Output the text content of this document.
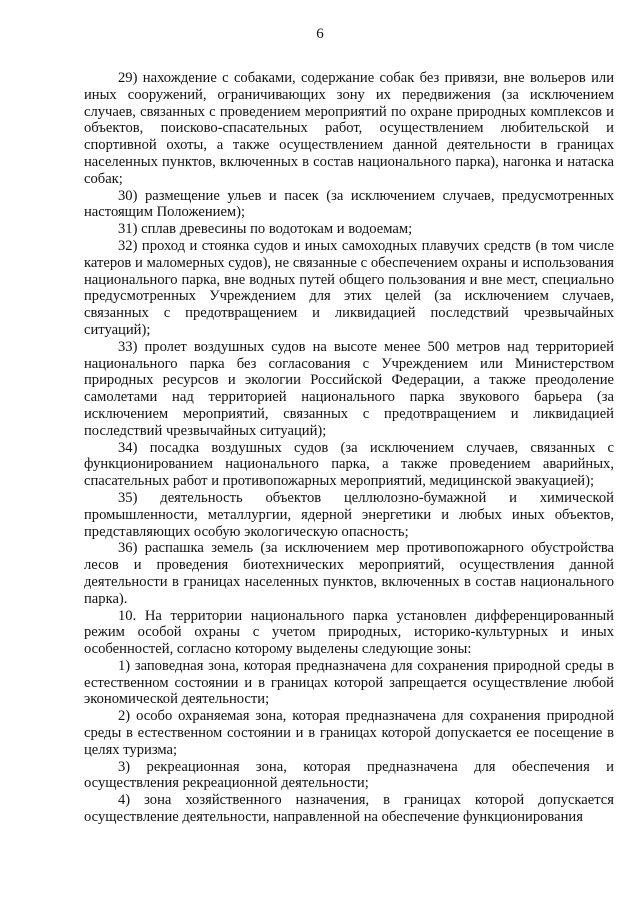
6

29) нахождение с собаками, содержание собак без привязи, вне вольеров или иных сооружений, ограничивающих зону их передвижения (за исключением случаев, связанных с проведением мероприятий по охране природных комплексов и объектов, поисково-спасательных работ, осуществлением любительской и спортивной охоты, а также осуществлением данной деятельности в границах населенных пунктов, включенных в состав национального парка), нагонка и натаска собак;

30) размещение ульев и пасек (за исключением случаев, предусмотренных настоящим Положением);

31) сплав древесины по водотокам и водоемам;

32) проход и стоянка судов и иных самоходных плавучих средств (в том числе катеров и маломерных судов), не связанные с обеспечением охраны и использования национального парка, вне водных путей общего пользования и вне мест, специально предусмотренных Учреждением для этих целей (за исключением случаев, связанных с предотвращением и ликвидацией последствий чрезвычайных ситуаций);

33) пролет воздушных судов на высоте менее 500 метров над территорией национального парка без согласования с Учреждением или Министерством природных ресурсов и экологии Российской Федерации, а также преодоление самолетами над территорией национального парка звукового барьера (за исключением мероприятий, связанных с предотвращением и ликвидацией последствий чрезвычайных ситуаций);

34) посадка воздушных судов (за исключением случаев, связанных с функционированием национального парка, а также проведением аварийных, спасательных работ и противопожарных мероприятий, медицинской эвакуацией);

35) деятельность объектов целлюлозно-бумажной и химической промышленности, металлургии, ядерной энергетики и любых иных объектов, представляющих особую экологическую опасность;

36) распашка земель (за исключением мер противопожарного обустройства лесов и проведения биотехнических мероприятий, осуществления данной деятельности в границах населенных пунктов, включенных в состав национального парка).

10. На территории национального парка установлен дифференцированный режим особой охраны с учетом природных, историко-культурных и иных особенностей, согласно которому выделены следующие зоны:

1) заповедная зона, которая предназначена для сохранения природной среды в естественном состоянии и в границах которой запрещается осуществление любой экономической деятельности;

2) особо охраняемая зона, которая предназначена для сохранения природной среды в естественном состоянии и в границах которой допускается ее посещение в целях туризма;

3) рекреационная зона, которая предназначена для обеспечения и осуществления рекреационной деятельности;

4) зона хозяйственного назначения, в границах которой допускается осуществление деятельности, направленной на обеспечение функционирования
